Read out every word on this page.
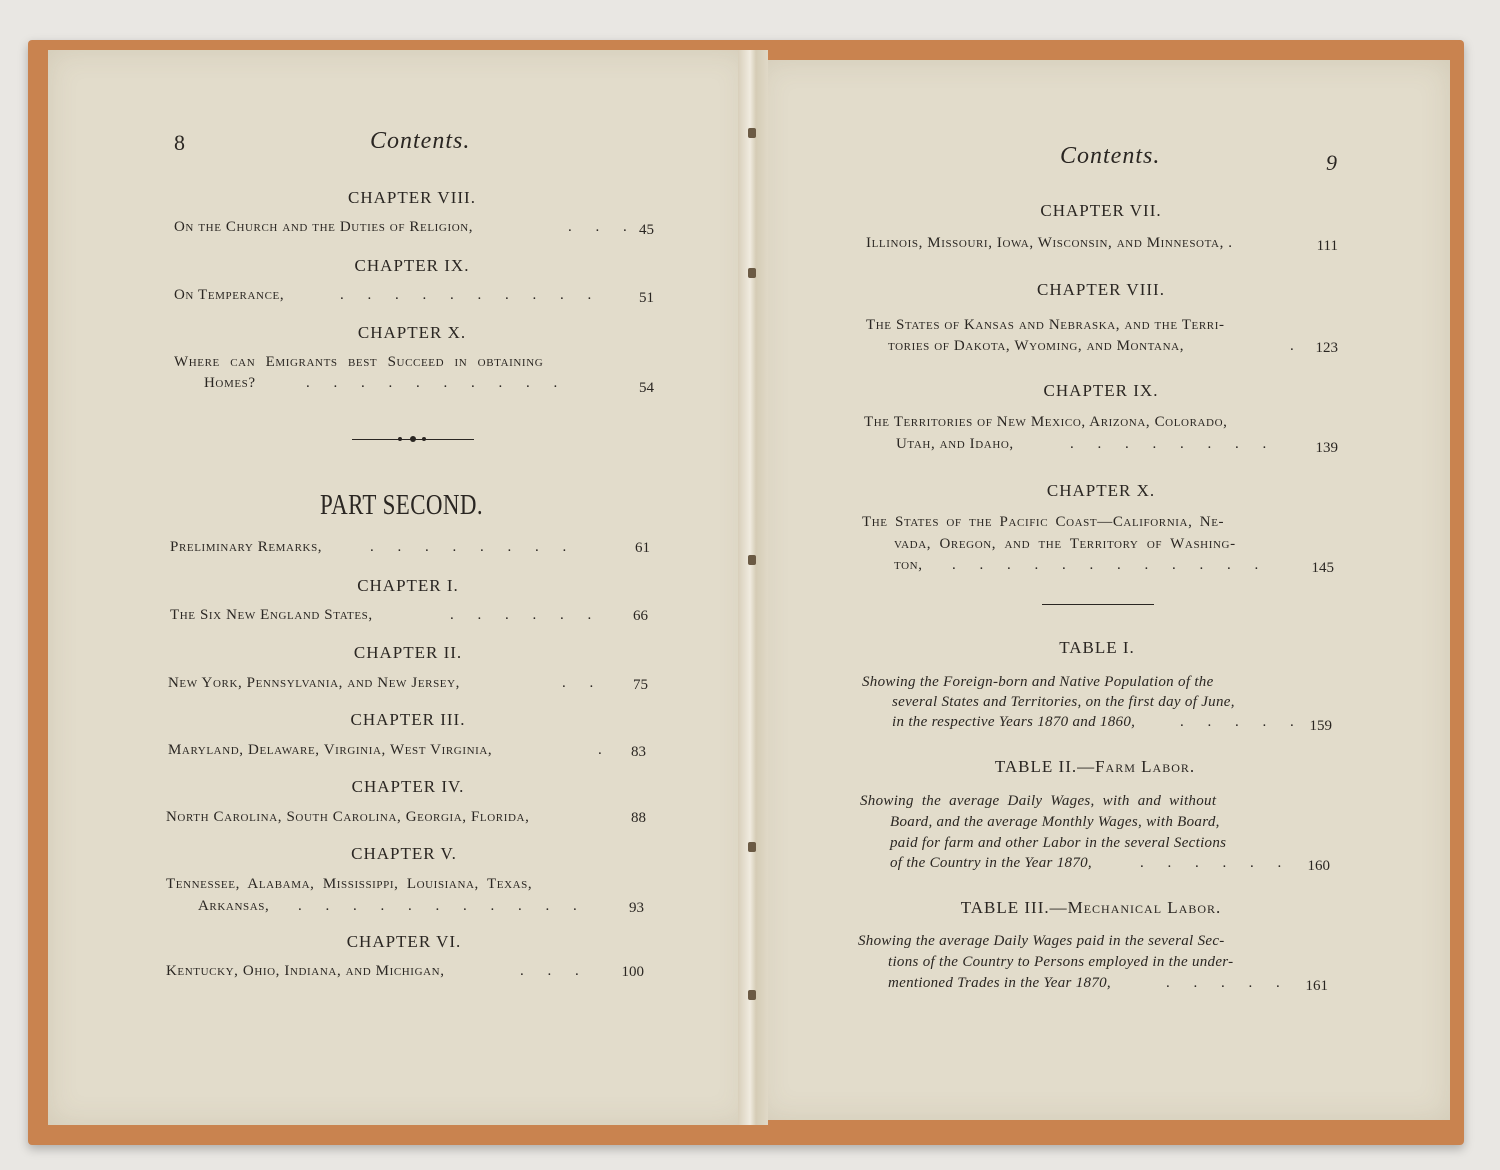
8	Contents.
CHAPTER VIII.
On the Church and the Duties of Religion,	. . . 45
CHAPTER IX.
On Temperance,	. . . . . . . . . .	51
CHAPTER X.
Where can Emigrants best Succeed in obtaining
Homes?	. . . . . . . . . .	54
PART SECOND.
Preliminary Remarks,	. . . . . . . .	61
CHAPTER I.
The Six New England States,	. . . . . .	66
CHAPTER II.
New York, Pennsylvania, and New Jersey,	. .	75
CHAPTER III.
Maryland, Delaware, Virginia, West Virginia,	.	83
CHAPTER IV.
North Carolina, South Carolina, Georgia, Florida,	88
CHAPTER V.
Tennessee, Alabama, Mississippi, Louisiana, Texas,
Arkansas, . . . . . . . . . . .	93
CHAPTER VI.
Kentucky, Ohio, Indiana, and Michigan,	. . .	100
Contents.	9
CHAPTER VII.
Illinois, Missouri, Iowa, Wisconsin, and Minnesota, .	111
CHAPTER VIII.
The States of Kansas and Nebraska, and the Terri-
tories of Dakota, Wyoming, and Montana,	. 123
CHAPTER IX.
The Territories of New Mexico, Arizona, Colorado,
Utah, and Idaho,	. . . . . . . .	139
CHAPTER X.
The States of the Pacific Coast—California, Ne-
vada, Oregon, and the Territory of Washing-
ton, . . . . . . . . . . . .	145
TABLE I.
Showing the Foreign-born and Native Population of the
several States and Territories, on the first day of June,
in the respective Years 1870 and 1860,	. . . . . 159
TABLE II.—Farm Labor.
Showing the average Daily Wages, with and without
Board, and the average Monthly Wages, with Board,
paid for farm and other Labor in the several Sections
of the Country in the Year 1870,	. . . . . .	160
TABLE III.—Mechanical Labor.
Showing the average Daily Wages paid in the several Sec-
tions of the Country to Persons employed in the under-
mentioned Trades in the Year 1870,	. . . . .	161
